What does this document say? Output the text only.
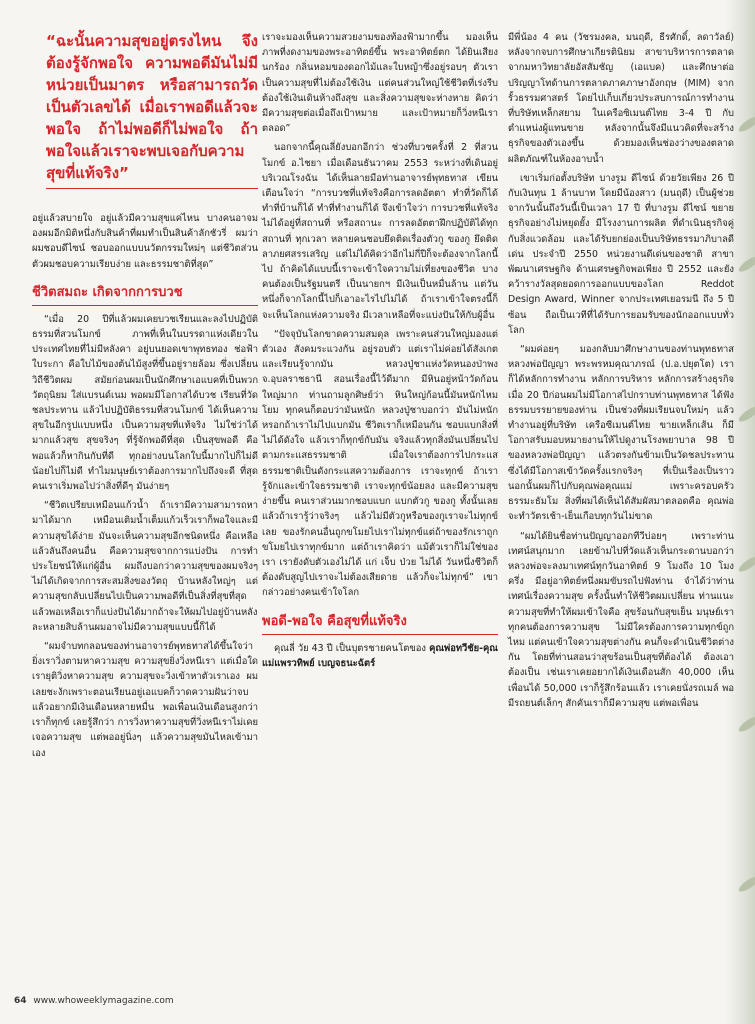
“ฉะนั้นความสุขอยู่ตรงไหน จึงต้องรู้จักพอใจ ความพอดีมันไม่มีหน่วยเป็นมาตร หรือสามารถวัดเป็นตัวเลขได้ เมื่อเราพอดีแล้วจะพอใจ ถ้าไม่พอดีก็ไม่พอใจ ถ้าพอใจแล้วเราจะพบเจอกับความสุขที่แท้จริง”

อยู่แล้วสบายใจ อยู่แล้วมีความสุขแค่ไหน บางคนอาจมองผมอีกมิติหนึ่งกับสินค้าที่ผมทำเป็นสินค้าลักชัวรี่ ผมว่าผมชอบดีไซน์ ชอบออกแบบนวัตกรรมใหม่ๆ แต่ชีวิตส่วนตัวผมชอบความเรียบง่าย และธรรมชาติที่สุด”

ชีวิตสมถะ เกิดจากการบวช

“เมื่อ 20 ปีที่แล้วผมเคยบวชเรียนและลงไปปฏิบัติธรรมที่สวนโมกข์ ภาพที่เห็นในบรรดาแห่งเดียวในประเทศไทยที่ไม่มีหลังคา อยู่บนยอดเขาพุทธทอง ช่อฟ้าใบระกา คือใบไม้ของต้นไม้สูงที่ขึ้นอยู่รายล้อม ซึ่งเปลี่ยนวิถีชีวิตผม สมัยก่อนผมเป็นนักศึกษาเอแบคที่เป็นพวกวัตถุนิยม ใส่แบรนด์เนม พอผมมีโอกาสได้บวช เรียนที่วัดชลประทาน แล้วไปปฏิบัติธรรมที่สวนโมกข์ ได้เห็นความสุขในอีกรูปแบบหนึ่ง เป็นความสุขที่แท้จริง ไม่ใช่ว่าได้มากแล้วสุข สุขจริงๆ ที่รู้จักพอดีที่สุด เป็นสุขพอดี คือพอแล้วก็หากินกับที่ดี ทุกอย่างบนโลกใบนี้มากไปก็ไม่ดี น้อยไปก็ไม่ดี ทำไมมนุษย์เราต้องการมากไปถึงจะดี ที่สุดคนเราเริ่มพอไปว่าสิ่งที่ดีๆ มันง่ายๆ

“ชีวิตเปรียบเหมือนแก้วน้ำ ถ้าเรามีความสามารถหามาได้มาก เหมือนเติมน้ำเต็มแก้วเร็วเราก็พอใจและมีความสุขได้ง่าย มันจะเห็นความสุขอีกชนิดหนึ่ง คือเหลือแล้วลันถึงคนอื่น คือความสุขจากการแบ่งปัน การทำประโยชน์ให้แก่ผู้อื่น ผมถึงบอกว่าความสุขของผมจริงๆ ไม่ได้เกิดจากการสะสมสิ่งของวัตถุ บ้านหลังใหญ่ๆ แต่ความสุขกลับเปลี่ยนไปเป็นความพอดีที่เป็นสิ่งที่สุขที่สุด แล้วพอเหลือเราก็แบ่งปันได้มากถ้าจะให้ผมไปอยู่บ้านหลังละหลายสิบล้านผมอาจไม่มีความสุขแบบนี้ก็ได้

“ผมจำบทกลอนของท่านอาจารย์พุทธทาสได้ขึ้นใจว่า ยิ่งเราวิ่งตามหาความสุข ความสุขยิ่งวิ่งหนีเรา แต่เมื่อใดเรายุติวิ่งหาความสุข ความสุขจะวิ่งเข้าหาตัวเราเอง ผมเลยชะงักเพราะตอนเรียนอยู่เอแบคก็วาดความฝันว่าจบแล้วอยากมีเงินเดือนหลายหมื่น พอเพื่อนเงินเดือนสูงกว่า เราก็ทุกข์ เลยรู้สึกว่า การวิ่งหาความสุขที่วิ่งหนีเราไม่เคยเจอความสุข แต่พออยู่นิ่งๆ แล้วความสุขมันไหลเข้ามาเอง

เราจะมองเห็นความสวยงามของท้องฟ้ามากขึ้น มองเห็นภาพที่งดงามของพระอาทิตย์ขึ้น พระอาทิตย์ตก ได้ยินเสียงนกร้อง กลิ่นหอมของดอกไม้และใบหญ้าซึ่งอยู่รอบๆ ตัวเรา เป็นความสุขที่ไม่ต้องใช้เงิน แต่คนส่วนใหญ่ใช้ชีวิตที่เร่งรีบ ต้องใช้เงินเดินห้างถึงสุข และสิ่งความสุขจะห่างหาย คิดว่ามีความสุขต่อเมื่อถึงเป้าหมาย และเป้าหมายก็วิ่งหนีเราตลอด”

นอกจากนี้คุณลี่ยังบอกอีกว่า ช่วงที่บวชครั้งที่ 2 ที่สวนโมกข์ อ.ไชยา เมื่อเดือนธันวาคม 2553 ระหว่างที่เดินอยู่บริเวณโรงฉัน ได้เห็นลายมือท่านอาจารย์พุทธทาส เขียนเตือนใจว่า “การบวชที่แท้จริงคือการลดอัตตา ทำที่วัดก็ได้ ทำที่บ้านก็ได้ ทำที่ทำงานก็ได้ จึงเข้าใจว่า การบวชที่แท้จริงไม่ได้อยู่ที่สถานที่ หรือสถานะ การลดอัตตาฝึกปฏิบัติได้ทุกสถานที่ ทุกเวลา หลายคนชอบยึดติดเรื่องตัวกู ของกู ยึดติดลาภยศสรรเสริญ แต่ไม่ได้คิดว่าอีกไม่กี่ปีก็จะต้องจากโลกนี้ไป ถ้าคิดได้แบบนี้เราจะเข้าใจความไม่เที่ยงของชีวิต บางคนต้องเป็นรัฐมนตรี เป็นนายกฯ มีเงินเป็นหมื่นล้าน แต่วันหนึ่งก็จากโลกนี้ไปก็เอาอะไรไปไม่ได้ ถ้าเราเข้าใจตรงนี้ก็จะเห็นโลกแห่งความจริง มีเวลาเหลือที่จะแบ่งปันให้กับผู้อื่น

“ปัจจุบันโลกขาดความสมดุล เพราะคนส่วนใหญ่มองแต่ตัวเอง สังคมระแวงกัน อยู่รอบตัว แต่เราไม่ค่อยได้สังเกตและเรียนรู้จากมัน หลวงปู่ชาแห่งวัดหนองป่าพง จ.อุบลราชธานี สอนเรื่องนี้ไว้ดีมาก มีหินอยู่หน้าวัดก้อนใหญ่มาก ท่านถามลูกศิษย์ว่า หินใหญ่ก้อนนี้มันหนักไหมโยม ทุกคนก็ตอบว่ามันหนัก หลวงปู่ชาบอกว่า มันไม่หนักหรอกถ้าเราไม่ไปแบกมัน ชีวิตเราก็เหมือนกัน ชอบแบกสิ่งที่ไม่ได้ดังใจ แล้วเราก็ทุกข์กับมัน จริงแล้วทุกสิ่งมันเปลี่ยนไปตามกระแสธรรมชาติ เมื่อใจเราต้องการไปกระแสธรรมชาติเป็นดังกระแสความต้องการ เราจะทุกข์ ถ้าเรารู้จักและเข้าใจธรรมชาติ เราจะทุกข์น้อยลง และมีความสุขง่ายขึ้น คนเราส่วนมากชอบแบก แบกตัวกู ของกู ทั้งนั้นเลย แล้วถ้าเรารู้ว่าจริงๆ แล้วไม่มีตัวกูหรือของกูเราจะไม่ทุกข์เลย ของรักคนอื่นถูกขโมยไปเราไม่ทุกข์แต่ถ้าของรักเราถูกขโมยไปเราทุกข์มาก แต่ถ้าเราคิดว่า แม้ตัวเราก็ไม่ใช่ของเรา เรายังดับตัวเองไม่ได้ แก่ เจ็บ ป่วย ไม่ได้ วันหนึ่งชีวิตก็ต้องดับสูญไปเราจะไม่ต้องเสียดาย แล้วก็จะไม่ทุกข์” เขากล่าวอย่างคนเข้าใจโลก

พอดี-พอใจ คือสุขที่แท้จริง

คุณลี่ วัย 43 ปี เป็นบุตรชายคนโตของ คุณพ่อทวีชัย-คุณแม่แพรวทิพย์ เบญจธนะฉัตร์

มีพี่น้อง 4 คน (วัชรมงคล, มนฤดี, ธีรศักดิ์, ลดาวัลย์) หลังจากจบการศึกษาเกียรตินิยม สาขาบริหารการตลาด จากมหาวิทยาลัยอัสสัมชัญ (เอแบค) และศึกษาต่อปริญญาโทด้านการตลาดภาคภาษาอังกฤษ (MIM) จากรั้วธรรมศาสตร์ โดยไปเก็บเกี่ยวประสบการณ์การทำงานที่บริษัทเหล็กสยาม ในเครือซิเมนต์ไทย 3-4 ปี กับตำแหน่งผู้แทนขาย หลังจากนั้นจึงมีแนวคิดที่จะสร้างธุรกิจของตัวเองขึ้น ด้วยมองเห็นช่องว่างของตลาดผลิตภัณฑ์ในห้องอาบน้ำ

เขาเริ่มก่อตั้งบริษัท บางรูม ดีไซน์ ด้วยวัยเพียง 26 ปี กับเงินทุน 1 ล้านบาท โดยมีน้องสาว (มนฤดี) เป็นผู้ช่วย จากวันนั้นถึงวันนี้เป็นเวลา 17 ปี ที่บางรูม ดีไซน์ ขยายธุรกิจอย่างไม่หยุดยั้ง มีโรงงานการผลิต ที่ดำเนินธุรกิจคู่กับสิ่งแวดล้อม และได้รับยกย่องเป็นบริษัทธรรมาภิบาลดีเด่น ประจำปี 2550 หน่วยงานดีเด่นของชาติ สาขาพัฒนาเศรษฐกิจ ด้านเศรษฐกิจพอเพียง ปี 2552 และยังคว้ารางวัลสุดยอดการออกแบบของโลก Reddot Design Award, Winner จากประเทศเยอรมนี ถึง 5 ปีซ้อน ถือเป็นเวทีที่ได้รับการยอมรับของนักออกแบบทั่วโลก

“ผมค่อยๆ มองกลับมาศึกษางานของท่านพุทธทาส หลวงพ่อปัญญา พระพรหมคุณาภรณ์ (ป.อ.ปยุตโต) เราก็ได้หลักการทำงาน หลักการบริหาร หลักการสร้างธุรกิจ เมื่อ 20 ปีก่อนผมไม่มีโอกาสไปกราบท่านพุทธทาส ได้ฟังธรรมบรรยายของท่าน เป็นช่วงที่ผมเรียนจบใหม่ๆ แล้วทำงานอยู่ที่บริษัท เครือซีเมนต์ไทย ขายเหล็กเส้น ก็มีโอกาสรับมอบหมายงานให้ไปดูงานโรงพยาบาล 98 ปี ของหลวงพ่อปัญญา แล้วตรงกันข้ามเป็นวัดชลประทาน ซึ่งได้มีโอกาสเข้าวัดครั้งแรกจริงๆ ที่เป็นเรื่องเป็นราว นอกนั้นผมก็ไปกับคุณพ่อคุณแม่ เพราะครอบครัวธรรมะธัมโม สิ่งที่ผมได้เห็นได้สัมผัสมาตลอดคือ คุณพ่อจะทำวัตรเช้า-เย็นเกือบทุกวันไม่ขาด

“ผมได้ยินชื่อท่านปัญญาออกทีวีบ่อยๆ เพราะท่านเทศน์สนุกมาก เลยข้ามไปที่วัดแล้วเห็นกระดานบอกว่าหลวงพ่อจะลงมาเทศน์ทุกวันอาทิตย์ 9 โมงถึง 10 โมงครึ่ง มีอยู่อาทิตย์หนึ่งผมขับรถไปฟังท่าน จำได้ว่าท่านเทศน์เรื่องความสุข ครั้งนั้นทำให้ชีวิตผมเปลี่ยน ท่านแนะความสุขที่ทำให้ผมเข้าใจคือ สุขร้อนกับสุขเย็น มนุษย์เราทุกคนต้องการความสุข ไม่มีใครต้องการความทุกข์ถูกไหม แต่คนเข้าใจความสุขต่างกัน คนก็จะดำเนินชีวิตต่างกัน โดยที่ท่านสอนว่าสุขร้อนเป็นสุขที่ต้องได้ ต้องเอา ต้องเป็น เช่นเราเคยอยากได้เงินเดือนสัก 40,000 เห็นเพื่อนได้ 50,000 เราก็รู้สึกร้อนแล้ว เราเคยนั่งรถเมล์ พอมีรถยนต์เล็กๆ สักคันเราก็มีความสุข แต่พอเพื่อน

64 www.whoweeklymagazine.com
